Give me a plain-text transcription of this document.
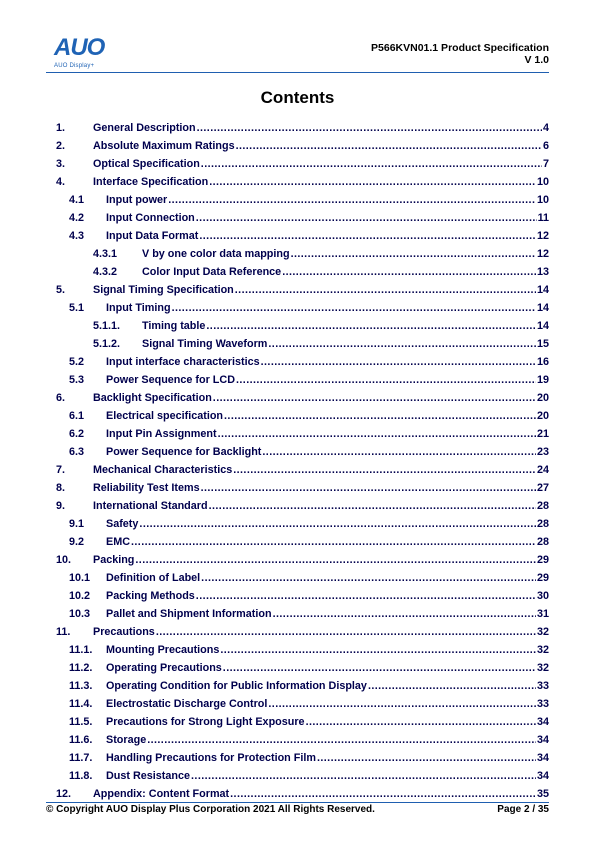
AUO
AUO Display+
P566KVN01.1 Product Specification
V 1.0
Contents
1.	General Description .....	4
2.	Absolute Maximum Ratings .....	6
3.	Optical Specification .....	7
4.	Interface Specification .....	10
4.1	Input power .....	10
4.2	Input Connection .....	11
4.3	Input Data Format .....	12
4.3.1	V by one color data mapping .....	12
4.3.2	Color Input Data Reference .....	13
5.	Signal Timing Specification .....	14
5.1	Input Timing .....	14
5.1.1.	Timing table .....	14
5.1.2.	Signal Timing Waveform .....	15
5.2	Input interface characteristics .....	16
5.3	Power Sequence for LCD .....	19
6.	Backlight Specification .....	20
6.1	Electrical specification .....	20
6.2	Input Pin Assignment .....	21
6.3	Power Sequence for Backlight .....	23
7.	Mechanical Characteristics .....	24
8.	Reliability Test Items .....	27
9.	International Standard .....	28
9.1	Safety .....	28
9.2	EMC .....	28
10.	Packing .....	29
10.1	Definition of Label .....	29
10.2	Packing Methods .....	30
10.3	Pallet and Shipment Information .....	31
11.	Precautions .....	32
11.1.	Mounting Precautions .....	32
11.2.	Operating Precautions .....	32
11.3.	Operating Condition for Public Information Display .....	33
11.4.	Electrostatic Discharge Control .....	33
11.5.	Precautions for Strong Light Exposure .....	34
11.6.	Storage .....	34
11.7.	Handling Precautions for Protection Film .....	34
11.8.	Dust Resistance .....	34
12.	Appendix: Content Format .....	35
© Copyright AUO Display Plus Corporation 2021 All Rights Reserved.	Page 2 / 35
